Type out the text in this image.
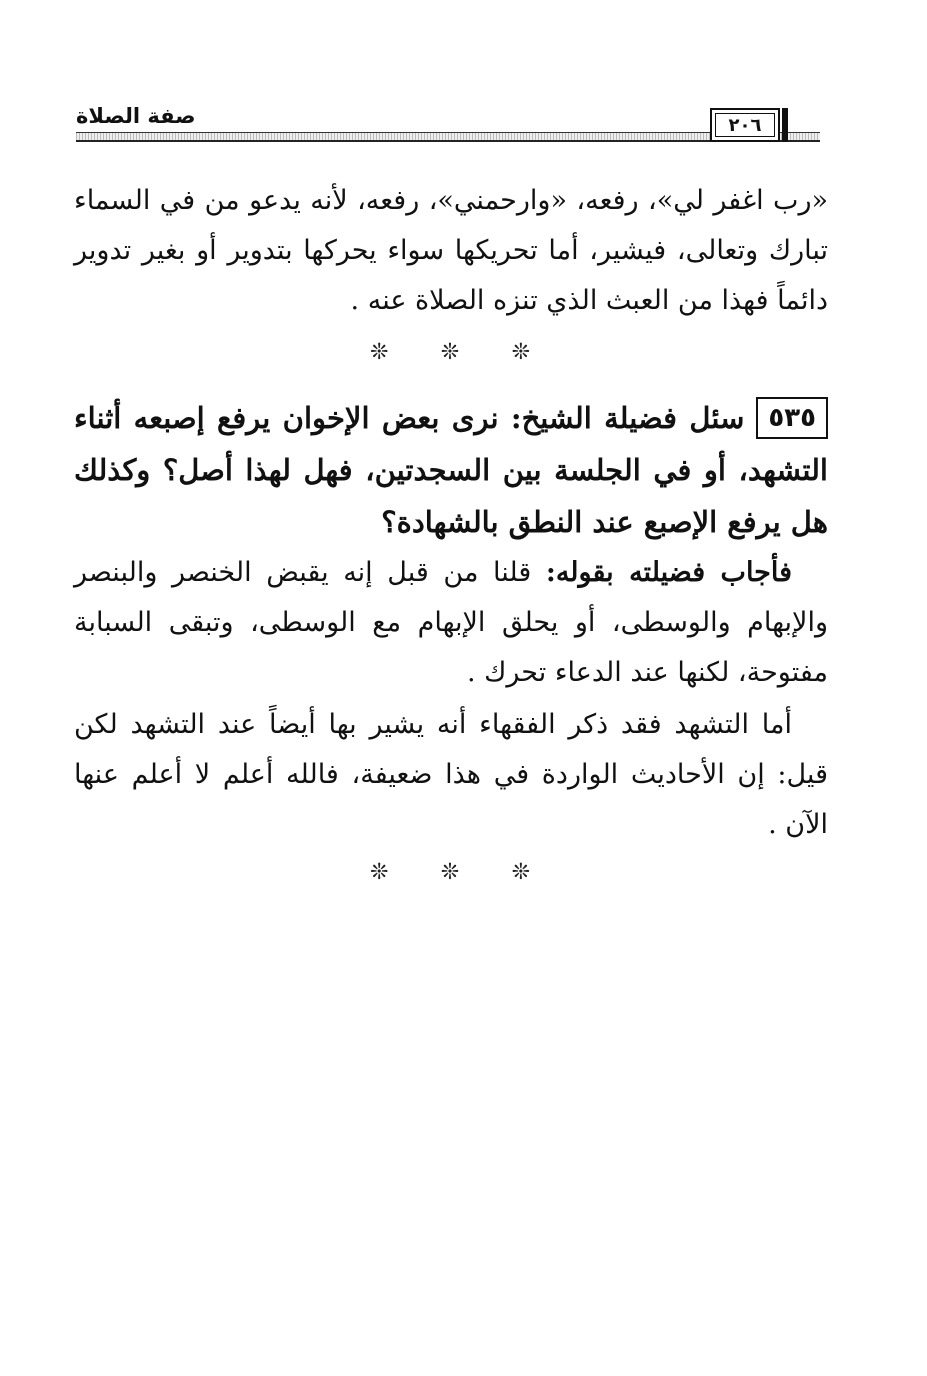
صفة الصلاة	٢٠٦

«رب اغفر لي»، رفعه، «وارحمني»، رفعه، لأنه يدعو من في السماء تبارك وتعالى، فيشير، أما تحريكها سواء يحركها بتدوير أو بغير تدوير دائماً فهذا من العبث الذي تنزه الصلاة عنه .

❊ ❊ ❊

٥٣٥سئل فضيلة الشيخ: نرى بعض الإخوان يرفع إصبعه أثناء التشهد، أو في الجلسة بين السجدتين، فهل لهذا أصل؟ وكذلك هل يرفع الإصبع عند النطق بالشهادة؟

فأجاب فضيلته بقوله: قلنا من قبل إنه يقبض الخنصر والبنصر والإبهام والوسطى، أو يحلق الإبهام مع الوسطى، وتبقى السبابة مفتوحة، لكنها عند الدعاء تحرك .

أما التشهد فقد ذكر الفقهاء أنه يشير بها أيضاً عند التشهد لكن قيل: إن الأحاديث الواردة في هذا ضعيفة، فالله أعلم لا أعلم عنها الآن .

❊ ❊ ❊
